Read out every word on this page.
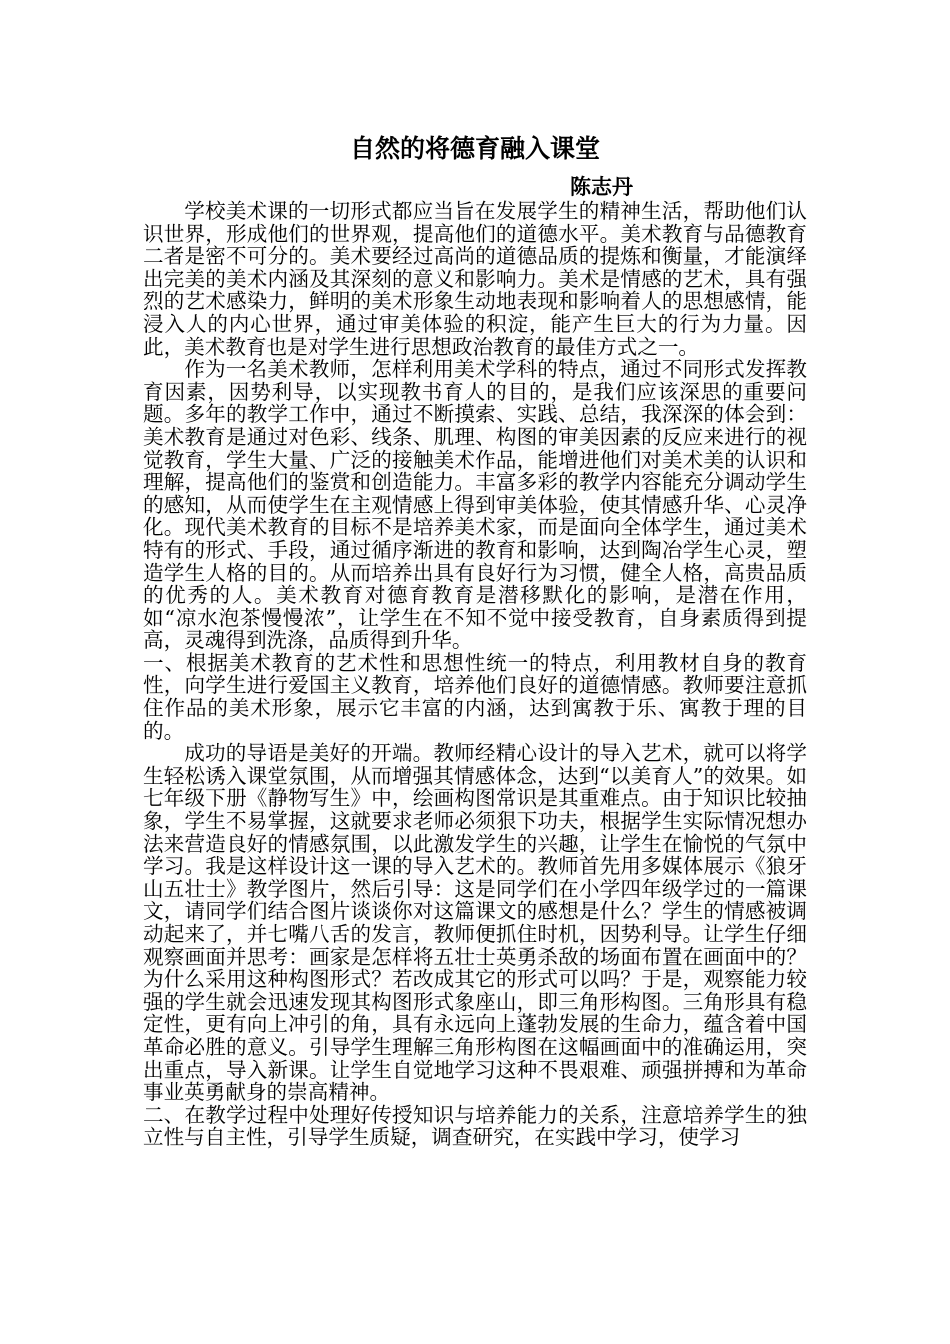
自然的将德育融入课堂
陈志丹

学校美术课的一切形式都应当旨在发展学生的精神生活，帮助他们认识世界，形成他们的世界观，提高他们的道德水平。美术教育与品德教育二者是密不可分的。美术要经过高尚的道德品质的提炼和衡量，才能演绎出完美的美术内涵及其深刻的意义和影响力。美术是情感的艺术，具有强烈的艺术感染力，鲜明的美术形象生动地表现和影响着人的思想感情，能浸入人的内心世界，通过审美体验的积淀，能产生巨大的行为力量。因此，美术教育也是对学生进行思想政治教育的最佳方式之一。

作为一名美术教师，怎样利用美术学科的特点，通过不同形式发挥教育因素，因势利导，以实现教书育人的目的，是我们应该深思的重要问题。多年的教学工作中，通过不断摸索、实践、总结，我深深的体会到：美术教育是通过对色彩、线条、肌理、构图的审美因素的反应来进行的视觉教育，学生大量、广泛的接触美术作品，能增进他们对美术美的认识和理解，提高他们的鉴赏和创造能力。丰富多彩的教学内容能充分调动学生的感知，从而使学生在主观情感上得到审美体验，使其情感升华、心灵净化。现代美术教育的目标不是培养美术家，而是面向全体学生，通过美术特有的形式、手段，通过循序渐进的教育和影响，达到陶冶学生心灵，塑造学生人格的目的。从而培养出具有良好行为习惯，健全人格，高贵品质的优秀的人。美术教育对德育教育是潜移默化的影响，是潜在作用，如“凉水泡茶慢慢浓”，让学生在不知不觉中接受教育，自身素质得到提高，灵魂得到洗涤，品质得到升华。

一、根据美术教育的艺术性和思想性统一的特点，利用教材自身的教育性，向学生进行爱国主义教育，培养他们良好的道德情感。教师要注意抓住作品的美术形象，展示它丰富的内涵，达到寓教于乐、寓教于理的目的。

成功的导语是美好的开端。教师经精心设计的导入艺术，就可以将学生轻松诱入课堂氛围，从而增强其情感体念，达到“以美育人”的效果。如七年级下册《静物写生》中，绘画构图常识是其重难点。由于知识比较抽象，学生不易掌握，这就要求老师必须狠下功夫，根据学生实际情况想办法来营造良好的情感氛围，以此激发学生的兴趣，让学生在愉悦的气氛中学习。我是这样设计这一课的导入艺术的。教师首先用多媒体展示《狼牙山五壮士》教学图片，然后引导：这是同学们在小学四年级学过的一篇课文，请同学们结合图片谈谈你对这篇课文的感想是什么？学生的情感被调动起来了，并七嘴八舌的发言，教师便抓住时机，因势利导。让学生仔细观察画面并思考：画家是怎样将五壮士英勇杀敌的场面布置在画面中的？为什么采用这种构图形式？若改成其它的形式可以吗？于是，观察能力较强的学生就会迅速发现其构图形式象座山，即三角形构图。三角形具有稳定性，更有向上冲引的角，具有永远向上蓬勃发展的生命力，蕴含着中国革命必胜的意义。引导学生理解三角形构图在这幅画面中的准确运用，突出重点，导入新课。让学生自觉地学习这种不畏艰难、顽强拼搏和为革命事业英勇献身的崇高精神。

二、在教学过程中处理好传授知识与培养能力的关系，注意培养学生的独立性与自主性，引导学生质疑，调查研究，在实践中学习，使学习
